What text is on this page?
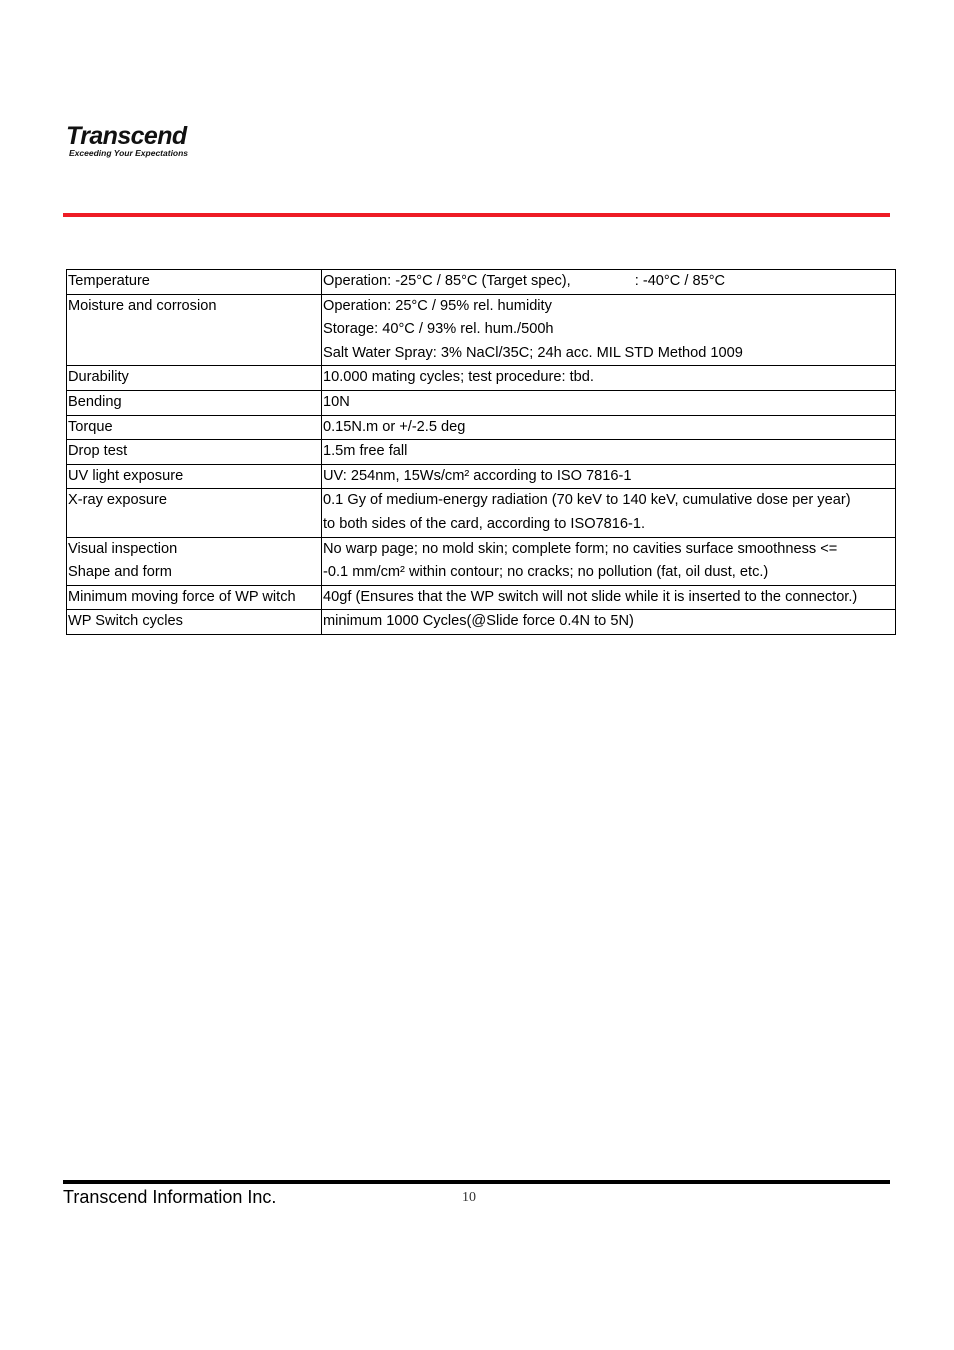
Transcend
Exceeding Your Expectations
Temperature	Operation: -25°C / 85°C (Target spec), : -40°C / 85°C

Moisture and corrosion	Operation: 25°C / 95% rel. humidity
Storage: 40°C / 93% rel. hum./500h
Salt Water Spray: 3% NaCl/35C; 24h acc. MIL STD Method 1009

Durability	10.000 mating cycles; test procedure: tbd.

Bending	10N

Torque	0.15N.m or +/-2.5 deg

Drop test	1.5m free fall

UV light exposure	UV: 254nm, 15Ws/cm² according to ISO 7816-1

X-ray exposure	0.1 Gy of medium-energy radiation (70 keV to 140 keV, cumulative dose per year)
to both sides of the card, according to ISO7816-1.

Visual inspection
Shape and form	No warp page; no mold skin; complete form; no cavities surface smoothness <=
-0.1 mm/cm² within contour; no cracks; no pollution (fat, oil dust, etc.)

Minimum moving force of WP witch	40gf (Ensures that the WP switch will not slide while it is inserted to the connector.)

WP Switch cycles	minimum 1000 Cycles(@Slide force 0.4N to 5N)
Transcend Information Inc.	10
